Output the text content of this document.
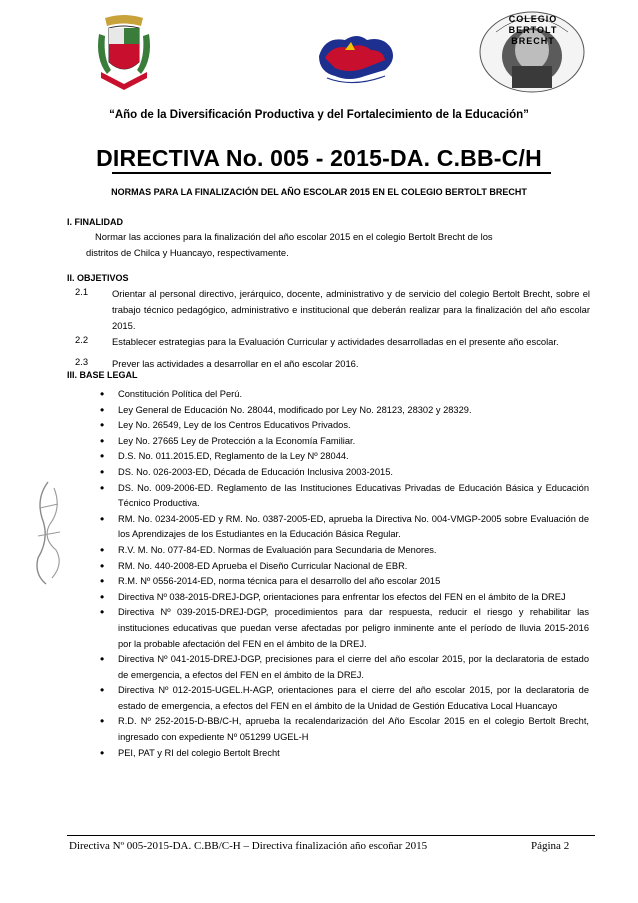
COLEGIO BERTOLT BRECHT
“Año de la Diversificación Productiva y del Fortalecimiento de la Educación”
DIRECTIVA No. 005 - 2015-DA. C.BB-C/H
NORMAS PARA LA FINALIZACIÓN DEL AÑO ESCOLAR 2015 EN EL COLEGIO BERTOLT BRECHT
I. FINALIDAD
Normar las acciones para la finalización del año escolar 2015 en el colegio Bertolt Brecht de los
distritos de Chilca y Huancayo, respectivamente.
II. OBJETIVOS
2.1	Orientar al personal directivo, jerárquico, docente, administrativo y de servicio del colegio Bertolt Brecht, sobre el trabajo técnico pedagógico, administrativo e institucional que deberán realizar para la finalización del año escolar 2015.
2.2	Establecer estrategias para la Evaluación Curricular y actividades desarrolladas en el presente año escolar.
2.3	Prever las actividades a desarrollar en el año escolar 2016.
III. BASE LEGAL
• Constitución Política del Perú.
• Ley General de Educación No. 28044, modificado por Ley No. 28123, 28302 y 28329.
• Ley No. 26549, Ley de los Centros Educativos Privados.
• Ley No. 27665 Ley de Protección a la Economía Familiar.
• D.S. No. 011.2015.ED, Reglamento de la Ley Nº 28044.
• DS. No. 026-2003-ED, Década de Educación Inclusiva 2003-2015.
• DS. No. 009-2006-ED. Reglamento de las Instituciones Educativas Privadas de Educación Básica y Educación Técnico Productiva.
• RM. No. 0234-2005-ED y RM. No. 0387-2005-ED, aprueba la Directiva No. 004-VMGP-2005 sobre Evaluación de los Aprendizajes de los Estudiantes en la Educación Básica Regular.
• R.V. M. No. 077-84-ED. Normas de Evaluación para Secundaria de Menores.
• RM. No. 440-2008-ED Aprueba el Diseño Curricular Nacional de EBR.
• R.M. Nº 0556-2014-ED, norma técnica para el desarrollo del año escolar 2015
• Directiva Nº 038-2015-DREJ-DGP, orientaciones para enfrentar los efectos del FEN en el ámbito de la DREJ
• Directiva Nº 039-2015-DREJ-DGP, procedimientos para dar respuesta, reducir el riesgo y rehabilitar las instituciones educativas que puedan verse afectadas por peligro inminente ante el período de lluvia 2015-2016 por la probable afectación del FEN en el ámbito de la DREJ.
• Directiva Nº 041-2015-DREJ-DGP, precisiones para el cierre del año escolar 2015, por la declaratoria de estado de emergencia, a efectos del FEN en el ámbito de la DREJ.
• Directiva Nº 012-2015-UGEL.H-AGP, orientaciones para el cierre del año escolar 2015, por la declaratoria de estado de emergencia, a efectos del FEN en el ámbito de la Unidad de Gestión Educativa Local Huancayo
• R.D. Nº 252-2015-D-BB/C-H, aprueba la recalendarización del Año Escolar 2015 en el colegio Bertolt Brecht, ingresado con expediente Nº 051299 UGEL-H
• PEI, PAT y RI del colegio Bertolt Brecht
Directiva Nº 005-2015-DA. C.BB/C-H – Directiva finalización año escoñar 2015	Página 2
